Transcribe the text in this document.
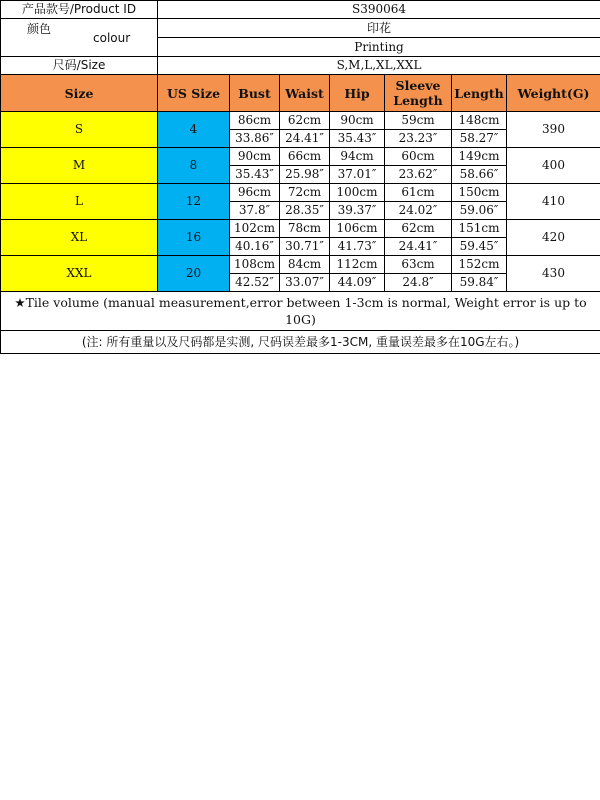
产品款号/Product ID	S390064						

颜色
colour	印花						
	Printing						
尺码/Size	S,M,L,XL,XXL						
Size	US Size	Bust	Waist	Hip	Sleeve Length	Length	Weight(G)
S	4	86cm	62cm	90cm	59cm	148cm	390
		33.86″	24.41″	35.43″	23.23″	58.27″	
M	8	90cm	66cm	94cm	60cm	149cm	400
		35.43″	25.98″	37.01″	23.62″	58.66″	
L	12	96cm	72cm	100cm	61cm	150cm	410
		37.8″	28.35″	39.37″	24.02″	59.06″	
XL	16	102cm	78cm	106cm	62cm	151cm	420
		40.16″	30.71″	41.73″	24.41″	59.45″	
XXL	20	108cm	84cm	112cm	63cm	152cm	430
		42.52″	33.07″	44.09″	24.8″	59.84″	
★Tile volume (manual measurement,error between 1-3cm is normal, Weight error is up to 10G)							
(注: 所有重量以及尺码都是实测, 尺码误差最多1-3CM, 重量误差最多在10G左右。)							
